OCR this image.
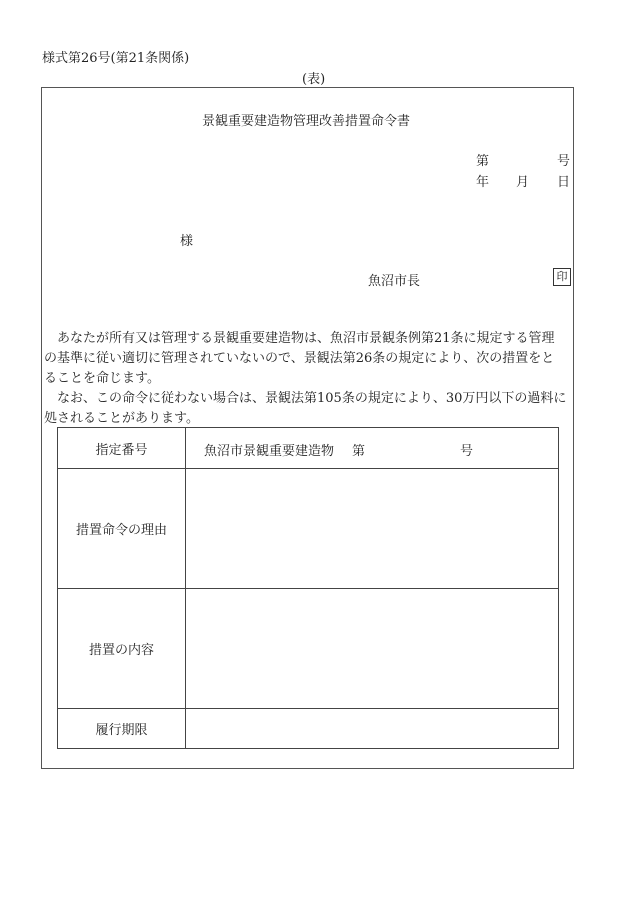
様式第26号(第21条関係)
(表)
景観重要建造物管理改善措置命令書
第	号
年 月 日
様
魚沼市長	印
　あなたが所有又は管理する景観重要建造物は、魚沼市景観条例第21条に規定する管理
の基準に従い適切に管理されていないので、景観法第26条の規定により、次の措置をと
ることを命じます。
　なお、この命令に従わない場合は、景観法第105条の規定により、30万円以下の過料に
処されることがあります。
指定番号	魚沼市景観重要建造物 第 号

措置命令の理由	
措置の内容	
履行期限	
